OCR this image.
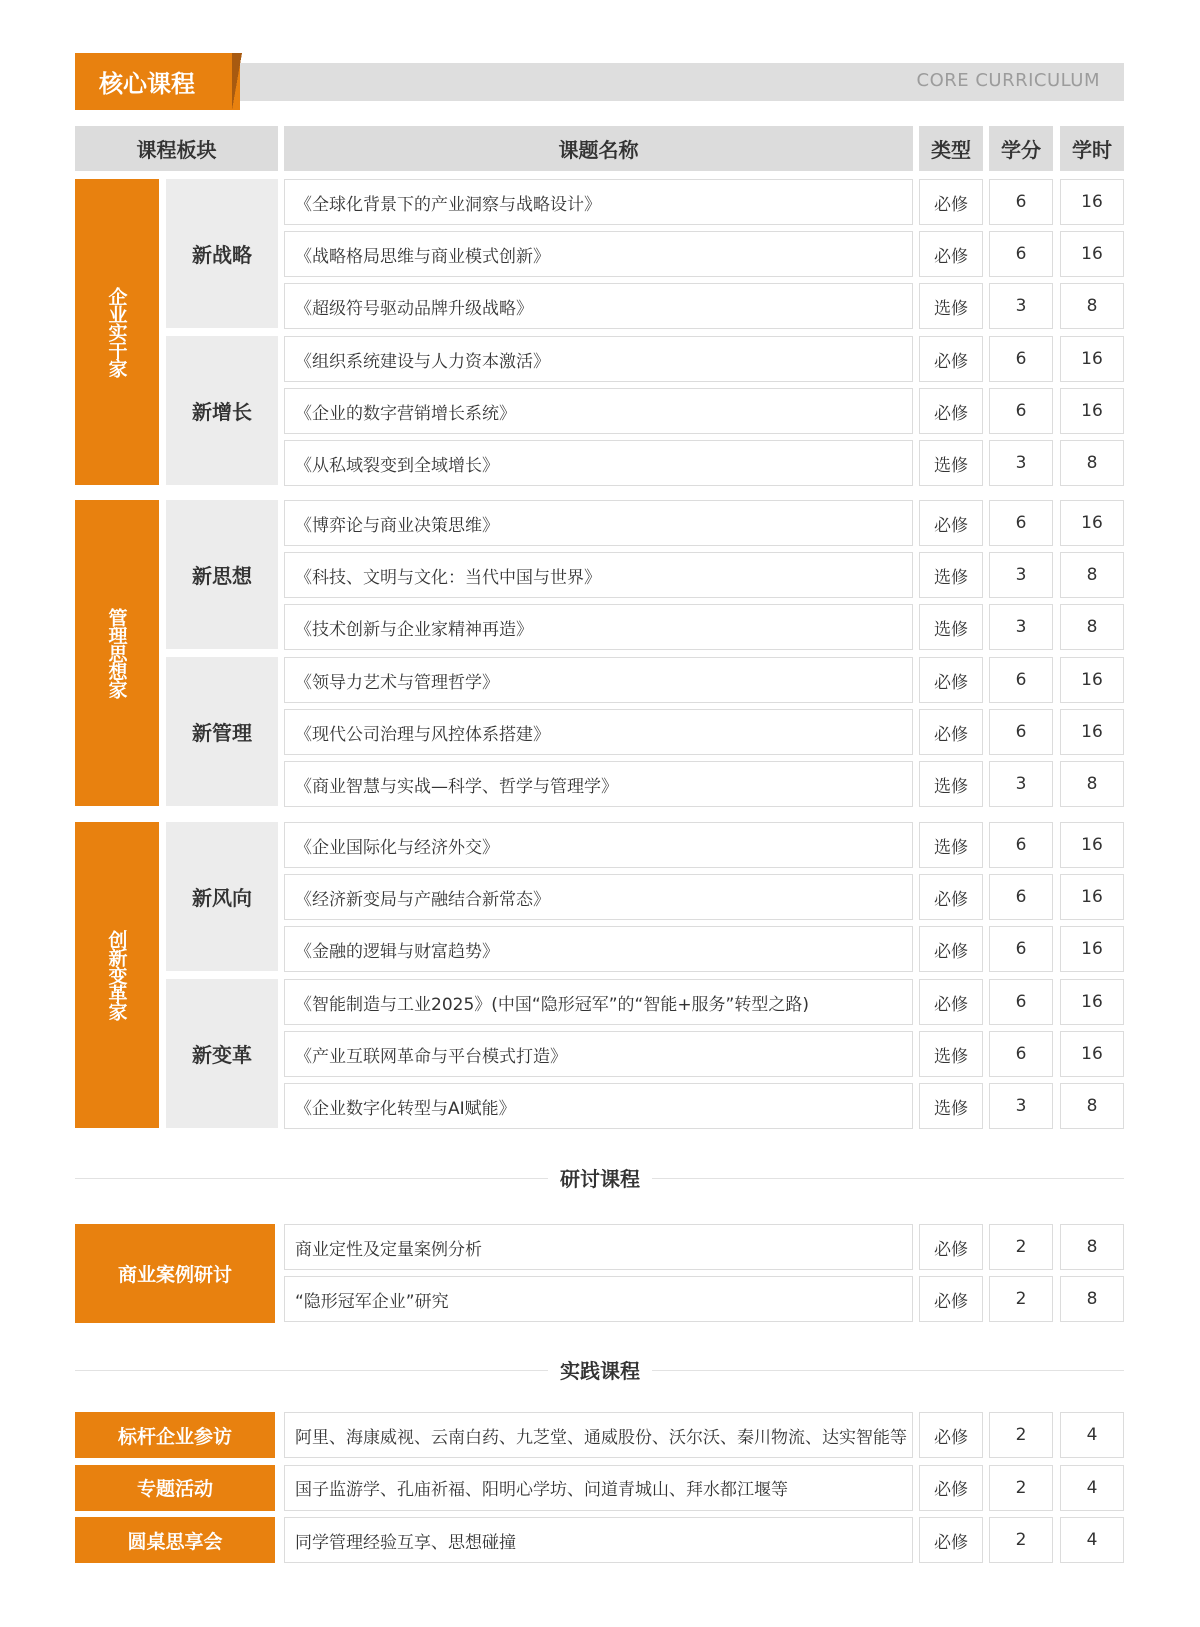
CORE CURRICULUM
核心课程
课程板块	课题名称	类型	学分	学时
企业实干家
新战略
《全球化背景下的产业洞察与战略设计》	必修	6	16
《战略格局思维与商业模式创新》	必修	6	16
《超级符号驱动品牌升级战略》	选修	3	8
新增长
《组织系统建设与人力资本激活》	必修	6	16
《企业的数字营销增长系统》	必修	6	16
《从私域裂变到全域增长》	选修	3	8
管理思想家
新思想
《博弈论与商业决策思维》	必修	6	16
《科技、文明与文化：当代中国与世界》	选修	3	8
《技术创新与企业家精神再造》	选修	3	8
新管理
《领导力艺术与管理哲学》	必修	6	16
《现代公司治理与风控体系搭建》	必修	6	16
《商业智慧与实战—科学、哲学与管理学》	选修	3	8
创新变革家
新风向
《企业国际化与经济外交》	选修	6	16
《经济新变局与产融结合新常态》	必修	6	16
《金融的逻辑与财富趋势》	必修	6	16
新变革
《智能制造与工业2025》(中国“隐形冠军”的“智能+服务”转型之路)	必修	6	16
《产业互联网革命与平台模式打造》	选修	6	16
《企业数字化转型与AI赋能》	选修	3	8
研讨课程
商业案例研讨
商业定性及定量案例分析	必修	2	8
“隐形冠军企业”研究	必修	2	8
实践课程
标杆企业参访	阿里、海康威视、云南白药、九芝堂、通威股份、沃尔沃、秦川物流、达实智能等	必修	2	4
专题活动	国子监游学、孔庙祈福、阳明心学坊、问道青城山、拜水都江堰等	必修	2	4
圆桌思享会	同学管理经验互享、思想碰撞	必修	2	4
